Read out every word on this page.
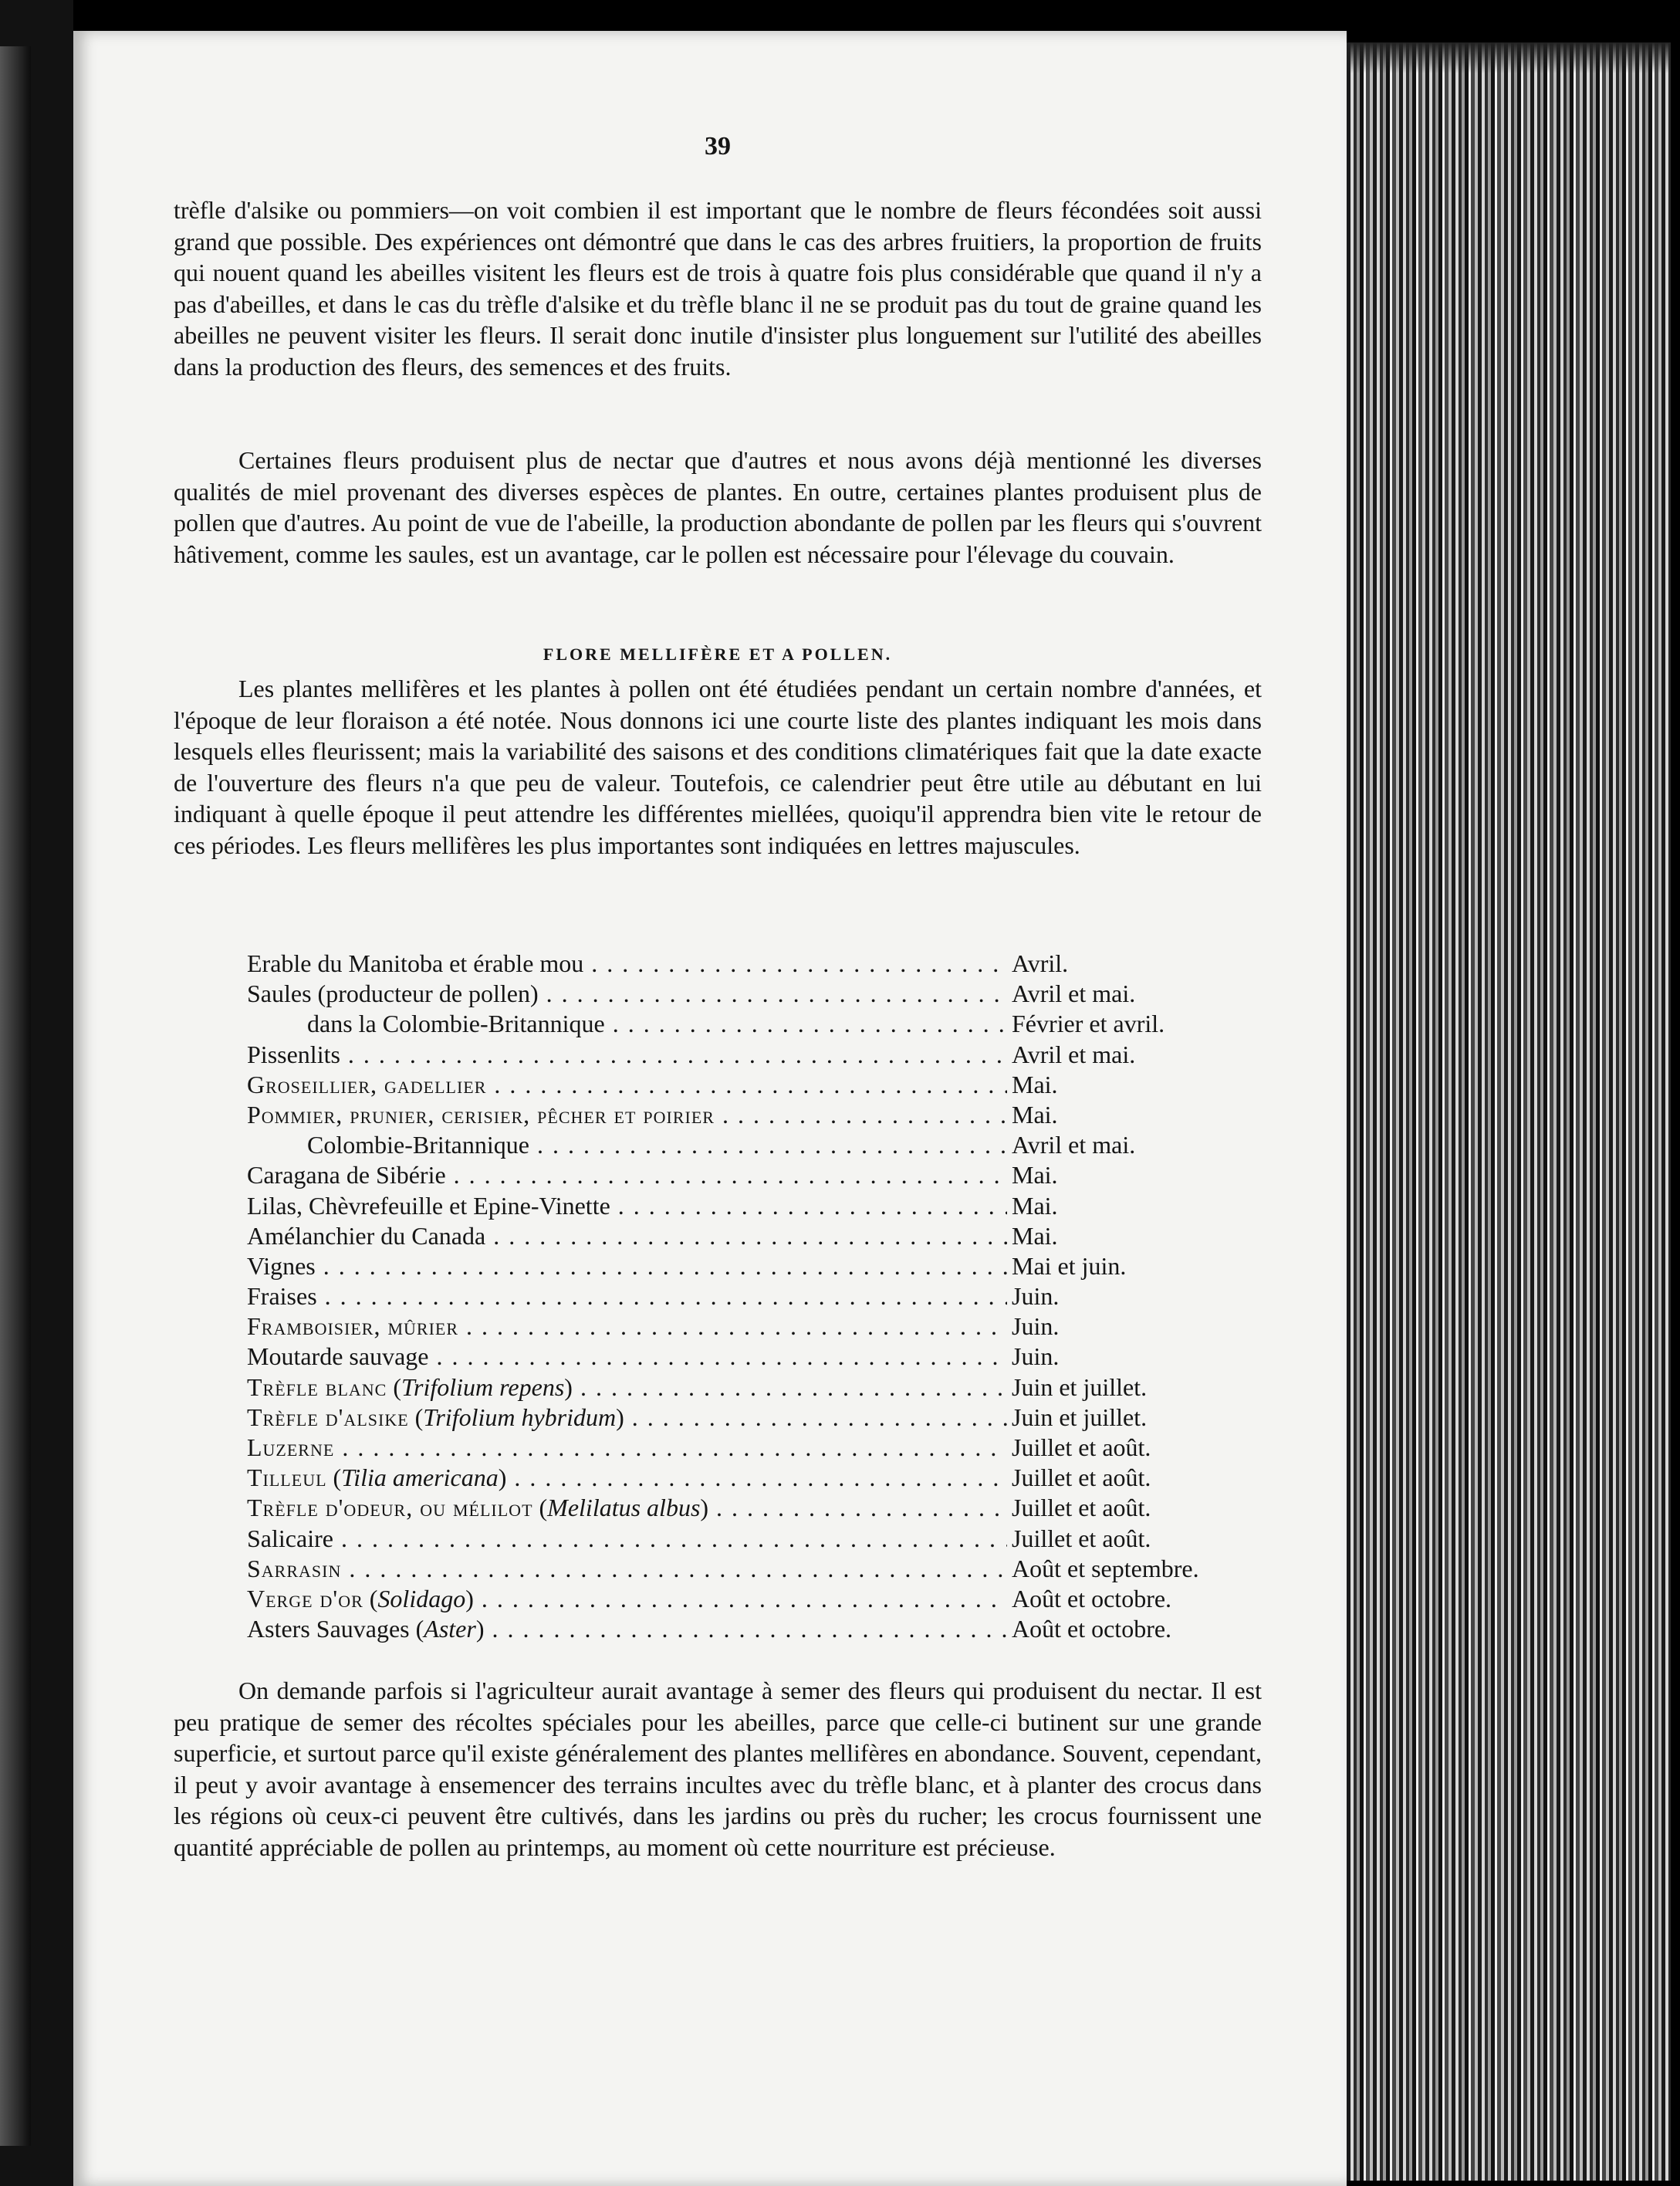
39

trèfle d'alsike ou pommiers—on voit combien il est important que le nombre de fleurs fécondées soit aussi grand que possible. Des expériences ont démontré que dans le cas des arbres fruitiers, la proportion de fruits qui nouent quand les abeilles visitent les fleurs est de trois à quatre fois plus considérable que quand il n'y a pas d'abeilles, et dans le cas du trèfle d'alsike et du trèfle blanc il ne se produit pas du tout de graine quand les abeilles ne peuvent visiter les fleurs. Il serait donc inutile d'insister plus longuement sur l'utilité des abeilles dans la production des fleurs, des semences et des fruits.

Certaines fleurs produisent plus de nectar que d'autres et nous avons déjà mentionné les diverses qualités de miel provenant des diverses espèces de plantes. En outre, certaines plantes produisent plus de pollen que d'autres. Au point de vue de l'abeille, la production abondante de pollen par les fleurs qui s'ouvrent hâtivement, comme les saules, est un avantage, car le pollen est nécessaire pour l'élevage du couvain.

FLORE MELLIFÈRE ET A POLLEN.

Les plantes mellifères et les plantes à pollen ont été étudiées pendant un certain nombre d'années, et l'époque de leur floraison a été notée. Nous donnons ici une courte liste des plantes indiquant les mois dans lesquels elles fleurissent; mais la variabilité des saisons et des conditions climatériques fait que la date exacte de l'ouverture des fleurs n'a que peu de valeur. Toutefois, ce calendrier peut être utile au débutant en lui indiquant à quelle époque il peut attendre les différentes miellées, quoiqu'il apprendra bien vite le retour de ces périodes. Les fleurs mellifères les plus importantes sont indiquées en lettres majuscules.

Erable du Manitoba et érable mou . . .	Avril.
Saules (producteur de pollen) . . .	Avril et mai.
dans la Colombie-Britannique . . .	Février et avril.
Pissenlits . . .	Avril et mai.
Groseillier, gadellier . . .	Mai.
Pommier, prunier, cerisier, pêcher et poirier . . .	Mai.
Colombie-Britannique . . .	Avril et mai.
Caragana de Sibérie . . .	Mai.
Lilas, Chèvrefeuille et Epine-Vinette . . .	Mai.
Amélanchier du Canada . . .	Mai.
Vignes . . .	Mai et juin.
Fraises . . .	Juin.
Framboisier, mûrier . . .	Juin.
Moutarde sauvage . . .	Juin.
Trèfle blanc (Trifolium repens) . . .	Juin et juillet.
Trèfle d'alsike (Trifolium hybridum) . . .	Juin et juillet.
Luzerne . . .	Juillet et août.
Tilleul (Tilia americana) . . .	Juillet et août.
Trèfle d'odeur, ou mélilot (Melilatus albus) . . .	Juillet et août.
Salicaire . . .	Juillet et août.
Sarrasin . . .	Août et septembre.
Verge d'or (Solidago) . . .	Août et octobre.
Asters Sauvages (Aster) . . .	Août et octobre.

On demande parfois si l'agriculteur aurait avantage à semer des fleurs qui produisent du nectar. Il est peu pratique de semer des récoltes spéciales pour les abeilles, parce que celle-ci butinent sur une grande superficie, et surtout parce qu'il existe généralement des plantes mellifères en abondance. Souvent, cependant, il peut y avoir avantage à ensemencer des terrains incultes avec du trèfle blanc, et à planter des crocus dans les régions où ceux-ci peuvent être cultivés, dans les jardins ou près du rucher; les crocus fournissent une quantité appréciable de pollen au printemps, au moment où cette nourriture est précieuse.
